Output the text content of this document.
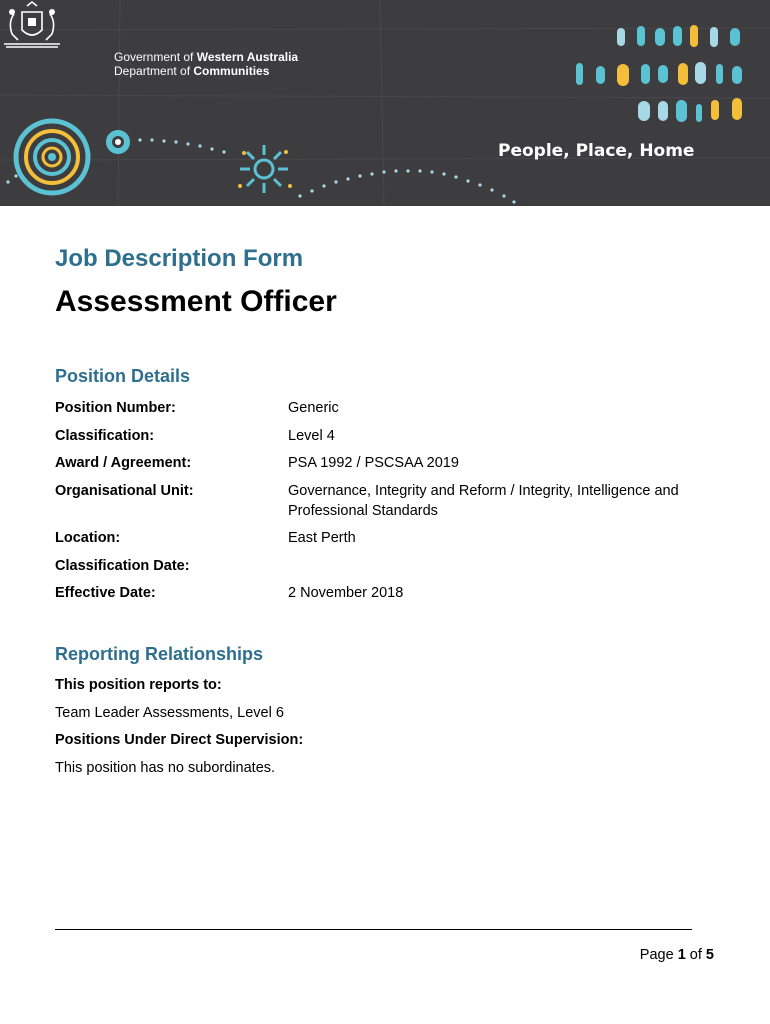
Government of Western Australia
Department of Communities
People, Place, Home
Job Description Form
Assessment Officer
Position Details
Position Number:	Generic
Classification:	Level 4
Award / Agreement:	PSA 1992 / PSCSAA 2019
Organisational Unit:	Governance, Integrity and Reform / Integrity, Intelligence and Professional Standards
Location:	East Perth
Classification Date:
Effective Date:	2 November 2018
Reporting Relationships
This position reports to:
Team Leader Assessments, Level 6
Positions Under Direct Supervision:
This position has no subordinates.
Page 1 of 5
